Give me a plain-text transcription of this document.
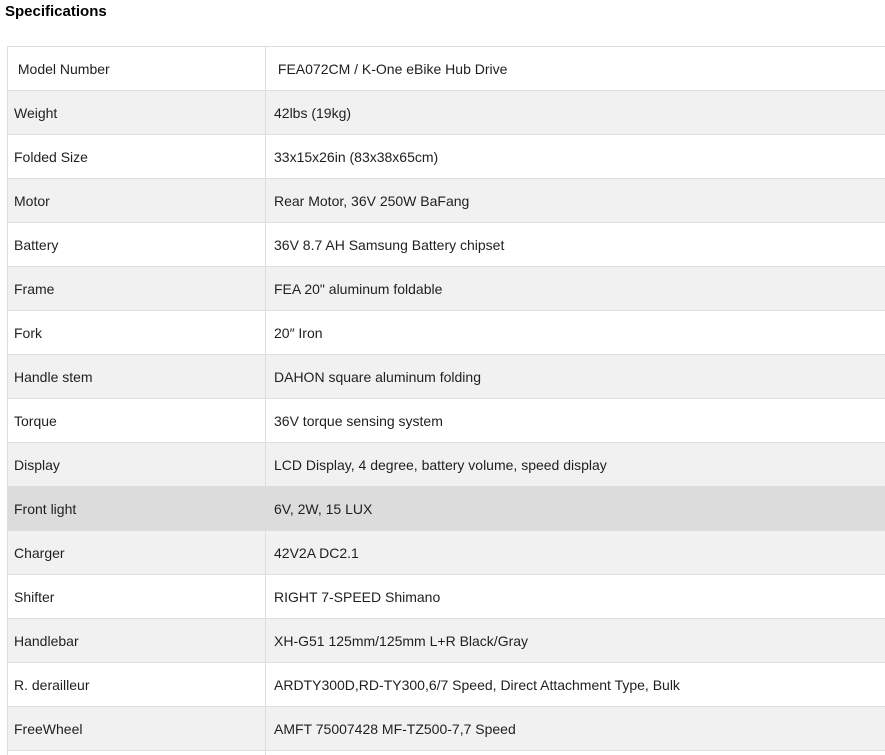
Specifications
Model Number	FEA072CM / K-One eBike Hub Drive
Weight	42lbs (19kg)
Folded Size	33x15x26in (83x38x65cm)
Motor	Rear Motor, 36V 250W BaFang
Battery	36V 8.7 AH Samsung Battery chipset
Frame	FEA 20" aluminum foldable
Fork	20″ Iron
Handle stem	DAHON square aluminum folding
Torque	36V torque sensing system
Display	LCD Display, 4 degree, battery volume, speed display
Front light	6V, 2W, 15 LUX
Charger	42V2A DC2.1
Shifter	RIGHT 7-SPEED Shimano
Handlebar	XH-G51 125mm/125mm L+R Black/Gray
R. derailleur	ARDTY300D,RD-TY300,6/7 Speed, Direct Attachment Type, Bulk
FreeWheel	AMFT 75007428 MF-TZ500-7,7 Speed
